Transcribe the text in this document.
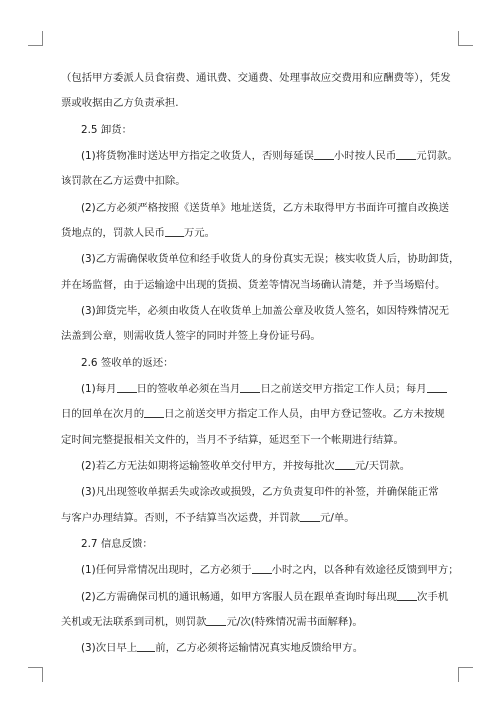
（包括甲方委派人员食宿费、通讯费、交通费、处理事故应交费用和应酬费等），凭发
票或收据由乙方负责承担.
2.5 卸货：
(1)将货物准时送达甲方指定之收货人，否则每延误 小时按人民币 元罚款。
该罚款在乙方运费中扣除。
(2)乙方必须严格按照《送货单》地址送货，乙方未取得甲方书面许可擅自改换送
货地点的，罚款人民币 万元。
(3)乙方需确保收货单位和经手收货人的身份真实无误；核实收货人后，协助卸货，
并在场监督，由于运输途中出现的货损、货差等情况当场确认清楚，并予当场赔付。
(3)卸货完毕，必须由收货人在收货单上加盖公章及收货人签名，如因特殊情况无
法盖到公章，则需收货人签字的同时并签上身份证号码。
2.6 签收单的返还：
(1)每月 日的签收单必须在当月 日之前送交甲方指定工作人员；每月
日的回单在次月的 日之前送交甲方指定工作人员，由甲方登记签收。乙方未按规
定时间完整提报相关文件的，当月不予结算，延迟至下一个帐期进行结算。
(2)若乙方无法如期将运输签收单交付甲方，并按每批次 元/天罚款。
(3)凡出现签收单据丢失或涂改或损毁，乙方负责复印件的补签，并确保能正常
与客户办理结算。否则，不予结算当次运费，并罚款 元/单。
2.7 信息反馈：
(1)任何异常情况出现时，乙方必须于 小时之内，以各种有效途径反馈到甲方；
(2)乙方需确保司机的通讯畅通，如甲方客服人员在跟单查询时每出现 次手机
关机或无法联系到司机，则罚款 元/次(特殊情况需书面解释)。
(3)次日早上 前，乙方必须将运输情况真实地反馈给甲方。
